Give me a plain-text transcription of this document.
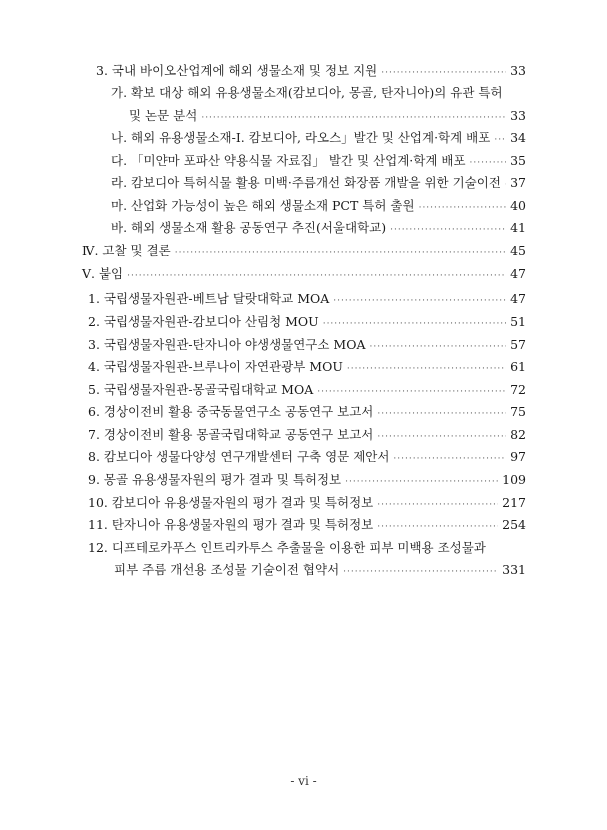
3. 국내 바이오산업계에 해외 생물소재 및 정보 지원 ·····	33
가. 확보 대상 해외 유용생물소재(캄보디아, 몽골, 탄자니아)의 유관 특허
및 논문 분석 ·····	33
나. 해외 유용생물소재-Ⅰ. 캄보디아, 라오스」발간 및 산업계·학계 배포 ····· 34
다. 「미얀마 포파산 약용식물 자료집」 발간 및 산업계·학계 배포 ·····	35
라. 캄보디아 특허식물 활용 미백·주름개선 화장품 개발을 위한 기술이전 ····· 37
마. 산업화 가능성이 높은 해외 생물소재 PCT 특허 출원 ·····	40
바. 해외 생물소재 활용 공동연구 추진(서울대학교) ·····	41
Ⅳ. 고찰 및 결론 ·····	45
Ⅴ. 붙임 ·····	47
1. 국립생물자원관-베트남 달랏대학교 MOA ·····	47
2. 국립생물자원관-캄보디아 산림청 MOU ·····	51
3. 국립생물자원관-탄자니아 야생생물연구소 MOA ·····	57
4. 국립생물자원관-브루나이 자연관광부 MOU ·····	61
5. 국립생물자원관-몽골국립대학교 MOA ·····	72
6. 경상이전비 활용 중국동물연구소 공동연구 보고서 ·····	75
7. 경상이전비 활용 몽골국립대학교 공동연구 보고서 ·····	82
8. 캄보디아 생물다양성 연구개발센터 구축 영문 제안서 ·····	97
9. 몽골 유용생물자원의 평가 결과 및 특허정보 ·····	109
10. 캄보디아 유용생물자원의 평가 결과 및 특허정보 ·····	217
11. 탄자니아 유용생물자원의 평가 결과 및 특허정보 ·····	254
12. 디프테로카푸스 인트리카투스 추출물을 이용한 피부 미백용 조성물과
피부 주름 개선용 조성물 기술이전 협약서 ·····	331
- vi -
